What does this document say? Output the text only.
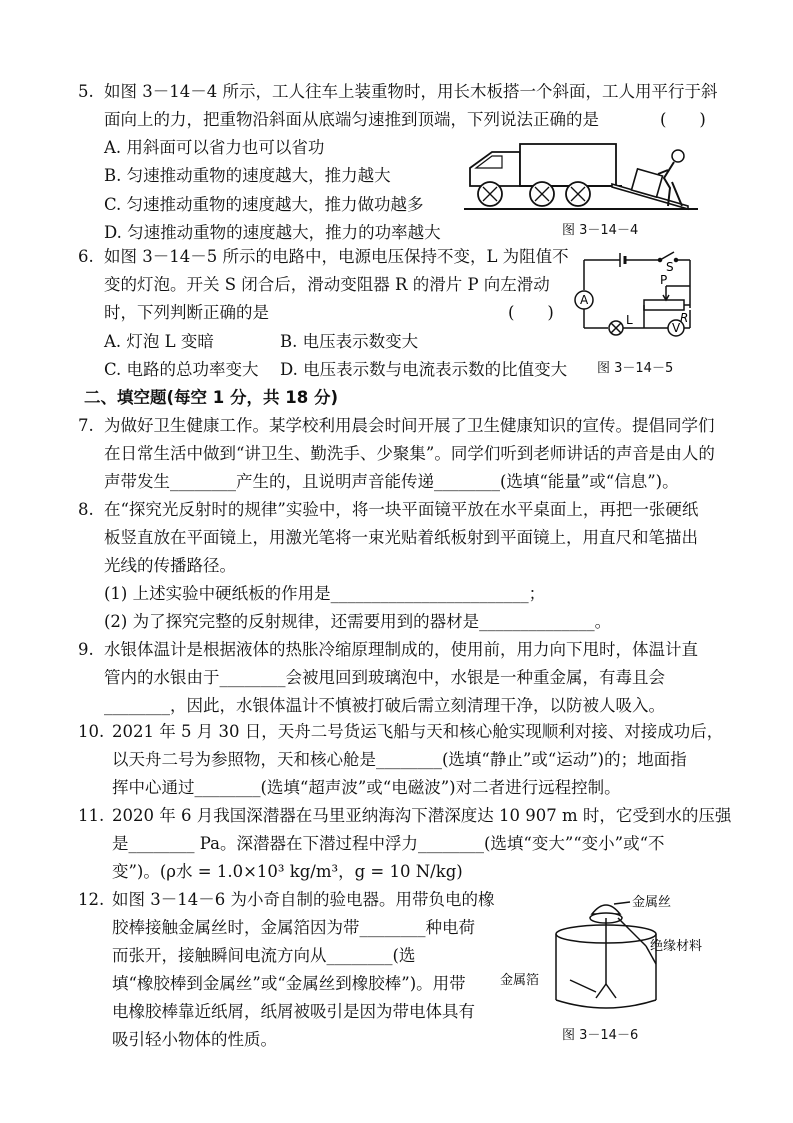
5. 如图 3－14－4 所示，工人往车上装重物时，用长木板搭一个斜面，工人用平行于斜
面向上的力，把重物沿斜面从底端匀速推到顶端，下列说法正确的是	(　　)
A. 用斜面可以省力也可以省功
B. 匀速推动重物的速度越大，推力越大
C. 匀速推动重物的速度越大，推力做功越多
D. 匀速推动重物的速度越大，推力的功率越大	图 3－14－4
6. 如图 3－14－5 所示的电路中，电源电压保持不变，L 为阻值不
变的灯泡。开关 S 闭合后，滑动变阻器 R 的滑片 P 向左滑动
时，下列判断正确的是	(　　)
A. 灯泡 L 变暗	B. 电压表示数变大
C. 电路的总功率变大 D. 电压表示数与电流表示数的比值变大
S
P
R
A
V
L
图 3－14－5
二、填空题(每空 1 分，共 18 分)
7. 为做好卫生健康工作。某学校利用晨会时间开展了卫生健康知识的宣传。提倡同学们
在日常生活中做到“讲卫生、勤洗手、少聚集”。同学们听到老师讲话的声音是由人的
声带发生________产生的，且说明声音能传递________(选填“能量”或“信息”)。
8. 在“探究光反射时的规律”实验中，将一块平面镜平放在水平桌面上，再把一张硬纸
板竖直放在平面镜上，用激光笔将一束光贴着纸板射到平面镜上，用直尺和笔描出
光线的传播路径。
(1) 上述实验中硬纸板的作用是________________________；
(2) 为了探究完整的反射规律，还需要用到的器材是______________。
9. 水银体温计是根据液体的热胀冷缩原理制成的，使用前，用力向下甩时，体温计直
管内的水银由于________会被甩回到玻璃泡中，水银是一种重金属，有毒且会
________，因此，水银体温计不慎被打破后需立刻清理干净，以防被人吸入。
10. 2021 年 5 月 30 日，天舟二号货运飞船与天和核心舱实现顺利对接、对接成功后，
以天舟二号为参照物，天和核心舱是________(选填“静止”或“运动”)的；地面指
挥中心通过________(选填“超声波”或“电磁波”)对二者进行远程控制。
11. 2020 年 6 月我国深潜器在马里亚纳海沟下潜深度达 10 907 m 时，它受到水的压强
是________ Pa。深潜器在下潜过程中浮力________(选填“变大”“变小”或“不
变”)。(ρ水 = 1.0×10³ kg/m³，g = 10 N/kg)
12. 如图 3－14－6 为小奇自制的验电器。用带负电的橡
胶棒接触金属丝时，金属箔因为带________种电荷
而张开，接触瞬间电流方向从________(选
填“橡胶棒到金属丝”或“金属丝到橡胶棒”)。用带
电橡胶棒靠近纸屑，纸屑被吸引是因为带电体具有
吸引轻小物体的性质。
金属丝
绝缘材料
金属箔
图 3－14－6
